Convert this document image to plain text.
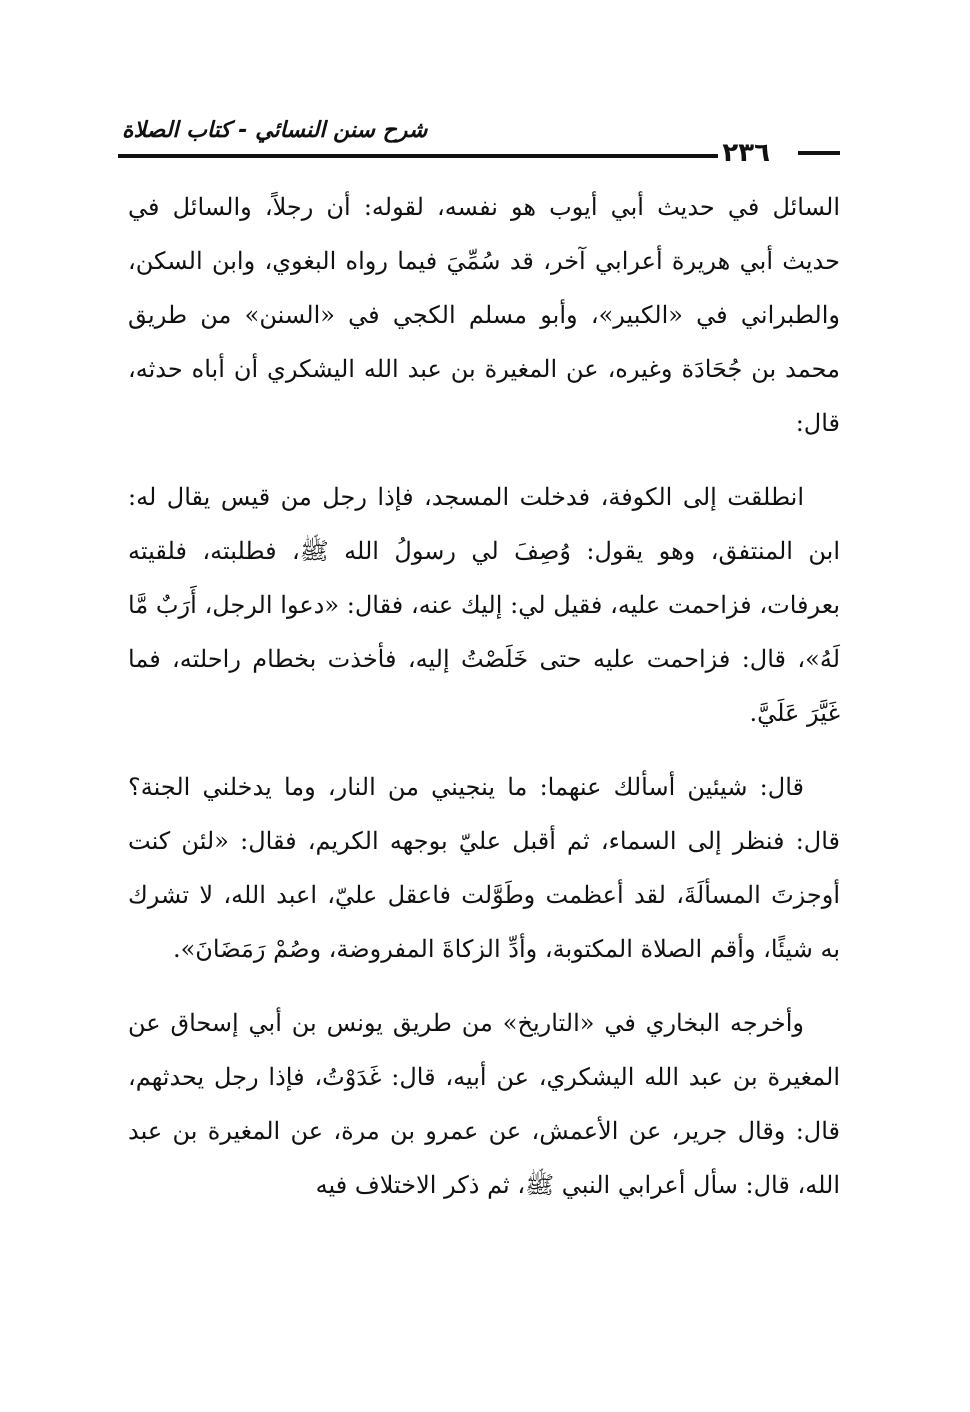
٢٣٦
شرح سنن النسائي - كتاب الصلاة

السائل في حديث أبي أيوب هو نفسه، لقوله: أن رجلاً، والسائل في حديث أبي هريرة أعرابي آخر، قد سُمِّيَ فيما رواه البغوي، وابن السكن، والطبراني في «الكبير»، وأبو مسلم الكجي في «السنن» من طريق محمد بن جُحَادَة وغيره، عن المغيرة بن عبد الله اليشكري أن أباه حدثه، قال:

انطلقت إلى الكوفة، فدخلت المسجد، فإذا رجل من قيس يقال له: ابن المنتفق، وهو يقول: وُصِفَ لي رسولُ الله ﷺ، فطلبته، فلقيته بعرفات، فزاحمت عليه، فقيل لي: إليك عنه، فقال: «دعوا الرجل، أَرَبٌ مَّا لَهُ»، قال: فزاحمت عليه حتى خَلَصْتُ إليه، فأخذت بخطام راحلته، فما غَيَّرَ عَلَيَّ.

قال: شيئين أسألك عنهما: ما ينجيني من النار، وما يدخلني الجنة؟ قال: فنظر إلى السماء، ثم أقبل عليّ بوجهه الكريم، فقال: «لئن كنت أوجزتَ المسألَةَ، لقد أعظمت وطَوَّلت فاعقل عليّ، اعبد الله، لا تشرك به شيئًا، وأقم الصلاة المكتوبة، وأدِّ الزكاةَ المفروضة، وصُمْ رَمَضَانَ».

وأخرجه البخاري في «التاريخ» من طريق يونس بن أبي إسحاق عن المغيرة بن عبد الله اليشكري، عن أبيه، قال: غَدَوْتُ، فإذا رجل يحدثهم، قال: وقال جرير، عن الأعمش، عن عمرو بن مرة، عن المغيرة بن عبد الله، قال: سأل أعرابي النبي ﷺ، ثم ذكر الاختلاف فيه
